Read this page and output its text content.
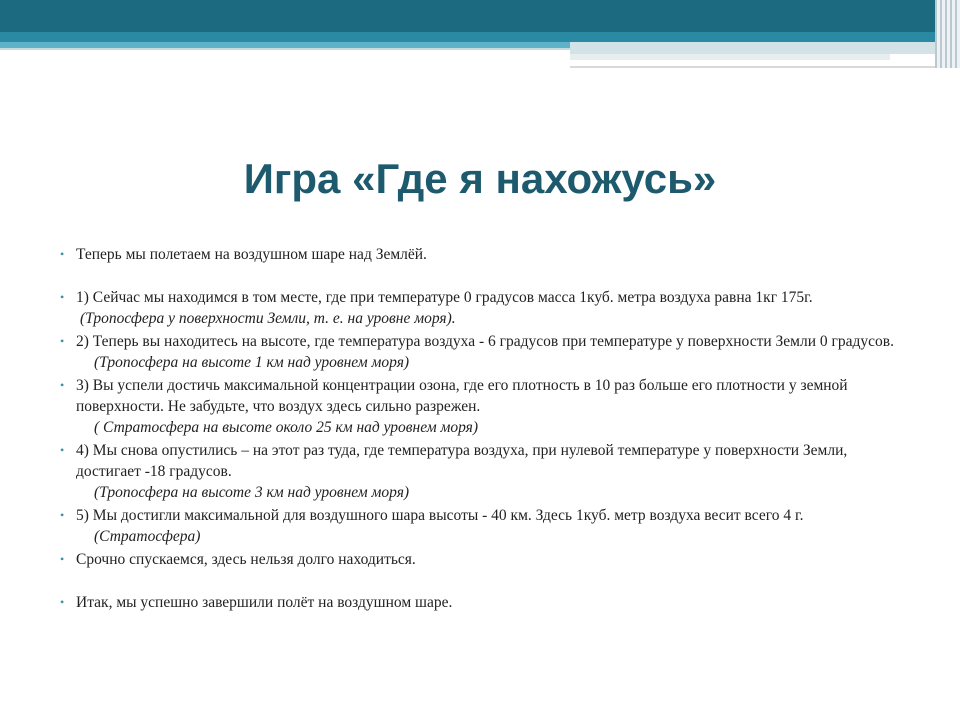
Игра «Где я нахожусь»

• Теперь мы полетаем на воздушном шаре над Землёй.

• 1) Сейчас мы находимся в том месте, где при температуре 0 градусов масса 1куб. метра воздуха равна 1кг 175г.

(Тропосфера у поверхности Земли, т. е. на уровне моря).

• 2) Теперь вы находитесь на высоте, где температура воздуха - 6 градусов при температуре у поверхности Земли 0 градусов.

(Тропосфера на высоте 1 км над уровнем моря)

• 3) Вы успели достичь максимальной концентрации озона, где его плотность в 10 раз больше его плотности у земной поверхности. Не забудьте, что воздух здесь сильно разрежен.

( Стратосфера на высоте около 25 км над уровнем моря)

• 4) Мы снова опустились – на этот раз туда, где температура воздуха, при нулевой температуре у поверхности Земли, достигает -18 градусов.

(Тропосфера на высоте 3 км над уровнем моря)

• 5) Мы достигли максимальной для воздушного шара высоты - 40 км. Здесь 1куб. метр воздуха весит всего 4 г.

(Стратосфера)

• Срочно спускаемся, здесь нельзя долго находиться.

• Итак, мы успешно завершили полёт на воздушном шаре.
